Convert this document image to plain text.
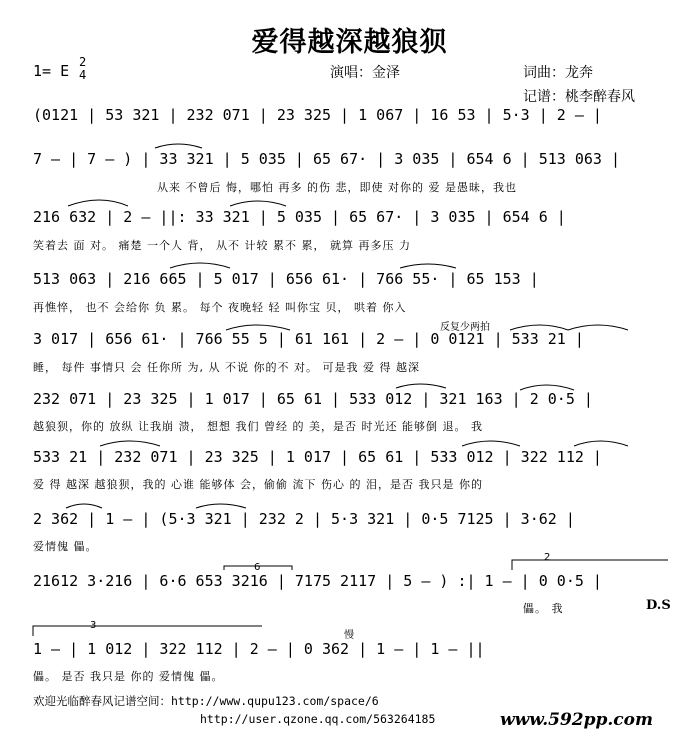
爱得越深越狼狈
1= E 2
4	演唱：金泽	词曲：龙奔
记谱：桃李醉春风
(0121 | 53 321 | 232 071 | 23 325 | 1 067 | 16 53 | 5·3 | 2 – |
7 – | 7 – ) | 33 321 | 5 035 | 65 67· | 3 035 | 654 6 | 513 063 |
从来 不曾后 悔，哪怕 再多 的伤 悲，即使 对你的 爱 是愚昧，我也
216 632 | 2 – ||: 33 321 | 5 035 | 65 67· | 3 035 | 654 6 |
笑着去 面 对。 痛楚 一个人 背， 从不 计较 累不 累， 就算 再多压 力
513 063 | 216 665 | 5 017 | 656 61· | 766 55· | 65 153 |
再憔悴， 也不 会给你 负 累。 每个 夜晚轻 轻 叫你宝 贝， 哄着 你入
反复少两拍
3 017 | 656 61· | 766 55 5 | 61 161 | 2 – | 0 0121 | 533 21 |
睡， 每件 事情只 会 任你所 为, 从 不说 你的不 对。 可是我 爱 得 越深
232 071 | 23 325 | 1 017 | 65 61 | 533 012 | 321 163 | 2 0·5 |
越狼狈，你的 放纵 让我崩 溃， 想想 我们 曾经 的 美，是否 时光还 能够倒 退。 我
533 21 | 232 071 | 23 325 | 1 017 | 65 61 | 533 012 | 322 112 |
爱 得 越深 越狼狈，我的 心谁 能够体 会，偷偷 流下 伤心 的 泪，是否 我只是 你的
2 362 | 1 – | (5·3 321 | 232 2 | 5·3 321 | 0·5 7125 | 3·62 |
爱情傀 儡。
21612 3·216 | 6·6 653 3216 | 7175 2117 | 5 – ) :| 1 – | 0 0·5 |
儡。 我	D.S
慢
1 – | 1 012 | 322 112 | 2 – | 0 362 | 1 – | 1 – ||
儡。 是否 我只是 你的 爱情傀 儡。
2
3
6
欢迎光临醉春风记谱空间：http://www.qupu123.com/space/6
http://user.qzone.qq.com/563264185	www.592pp.com
